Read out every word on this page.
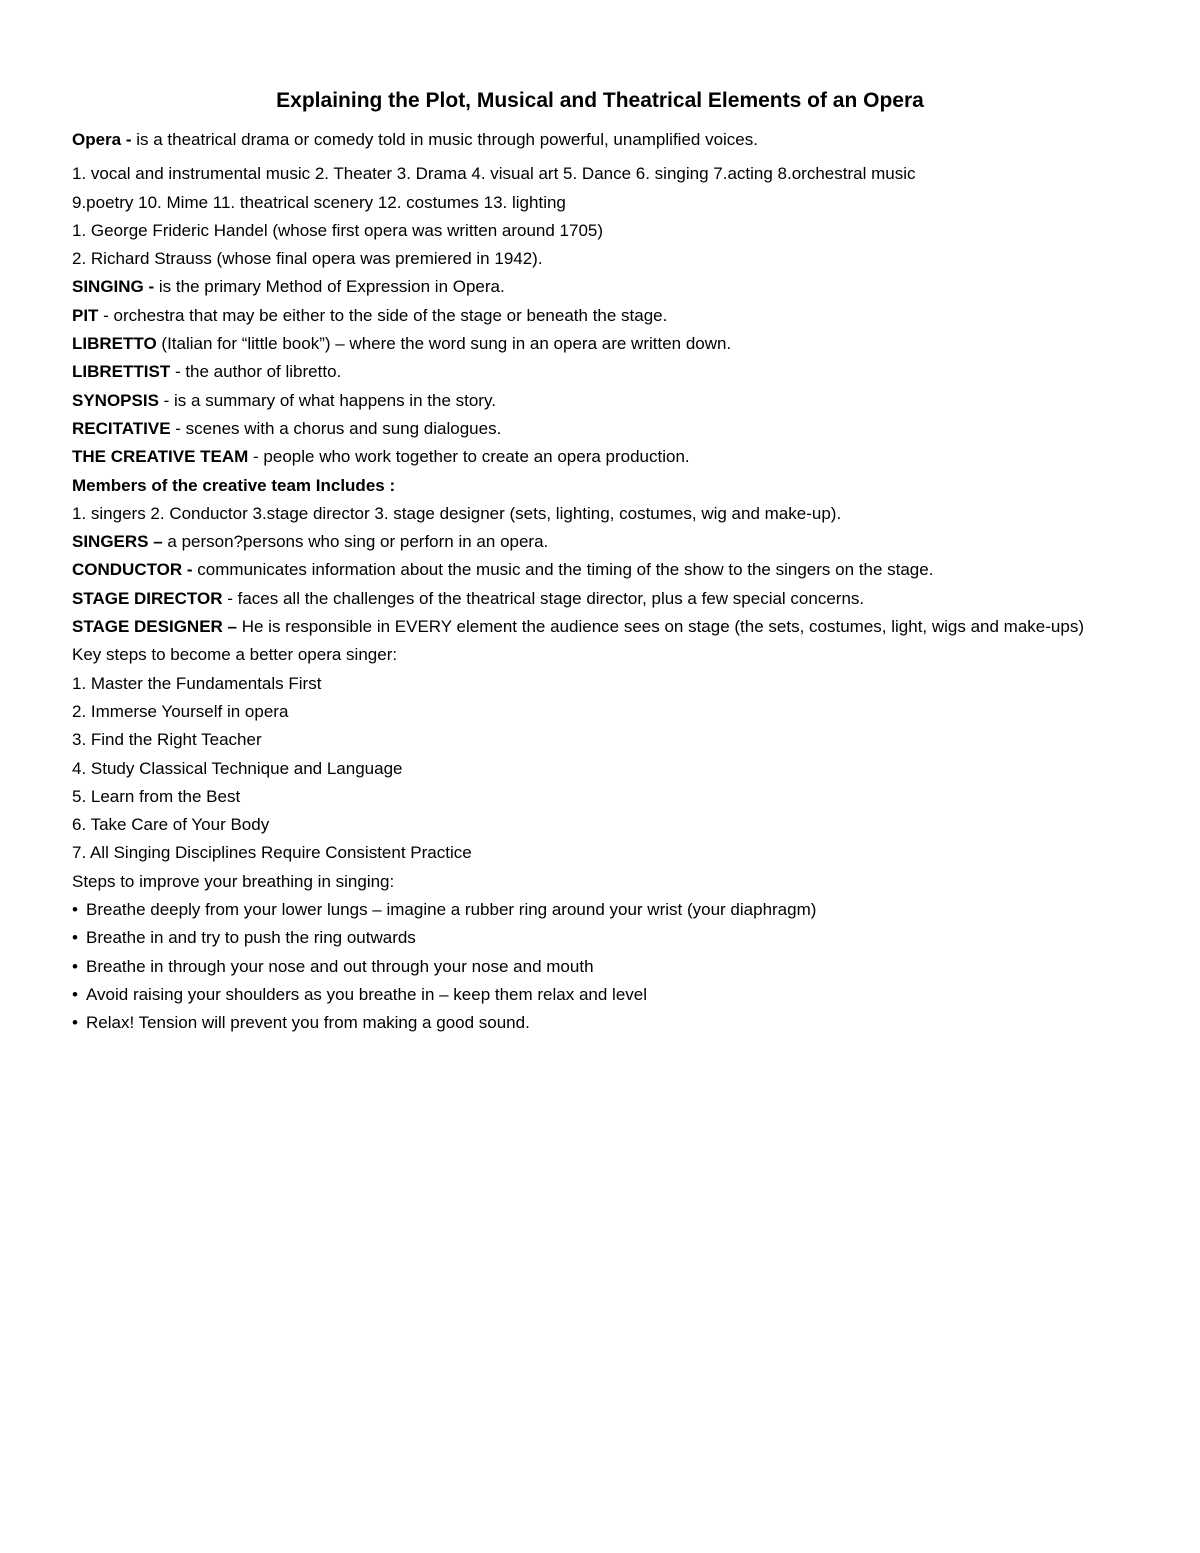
Explaining the Plot, Musical and Theatrical Elements of an Opera
Opera - is a theatrical drama or comedy told in music through powerful, unamplified voices.
1. vocal and instrumental music 2. Theater 3. Drama 4. visual art 5. Dance 6. singing 7.acting 8.orchestral music
9.poetry 10. Mime 11. theatrical scenery 12. costumes 13. lighting
1. George Frideric Handel (whose first opera was written around 1705)
2. Richard Strauss (whose final opera was premiered in 1942).
SINGING - is the primary Method of Expression in Opera.
PIT - orchestra that may be either to the side of the stage or beneath the stage.
LIBRETTO (Italian for “little book”) – where the word sung in an opera are written down.
LIBRETTIST - the author of libretto.
SYNOPSIS - is a summary of what happens in the story.
RECITATIVE - scenes with a chorus and sung dialogues.
THE CREATIVE TEAM - people who work together to create an opera production.
Members of the creative team Includes :
1. singers 2. Conductor 3.stage director 3. stage designer (sets, lighting, costumes, wig and make-up).
SINGERS – a person?persons who sing or perforn in an opera.
CONDUCTOR - communicates information about the music and the timing of the show to the singers on the stage.
STAGE DIRECTOR - faces all the challenges of the theatrical stage director, plus a few special concerns.
STAGE DESIGNER – He is responsible in EVERY element the audience sees on stage (the sets, costumes, light, wigs and make-ups)
Key steps to become a better opera singer:
1. Master the Fundamentals First
2. Immerse Yourself in opera
3. Find the Right Teacher
4. Study Classical Technique and Language
5. Learn from the Best
6. Take Care of Your Body
7. All Singing Disciplines Require Consistent Practice
Steps to improve your breathing in singing:
• Breathe deeply from your lower lungs – imagine a rubber ring around your wrist (your diaphragm)
• Breathe in and try to push the ring outwards
• Breathe in through your nose and out through your nose and mouth
• Avoid raising your shoulders as you breathe in – keep them relax and level
• Relax! Tension will prevent you from making a good sound.
